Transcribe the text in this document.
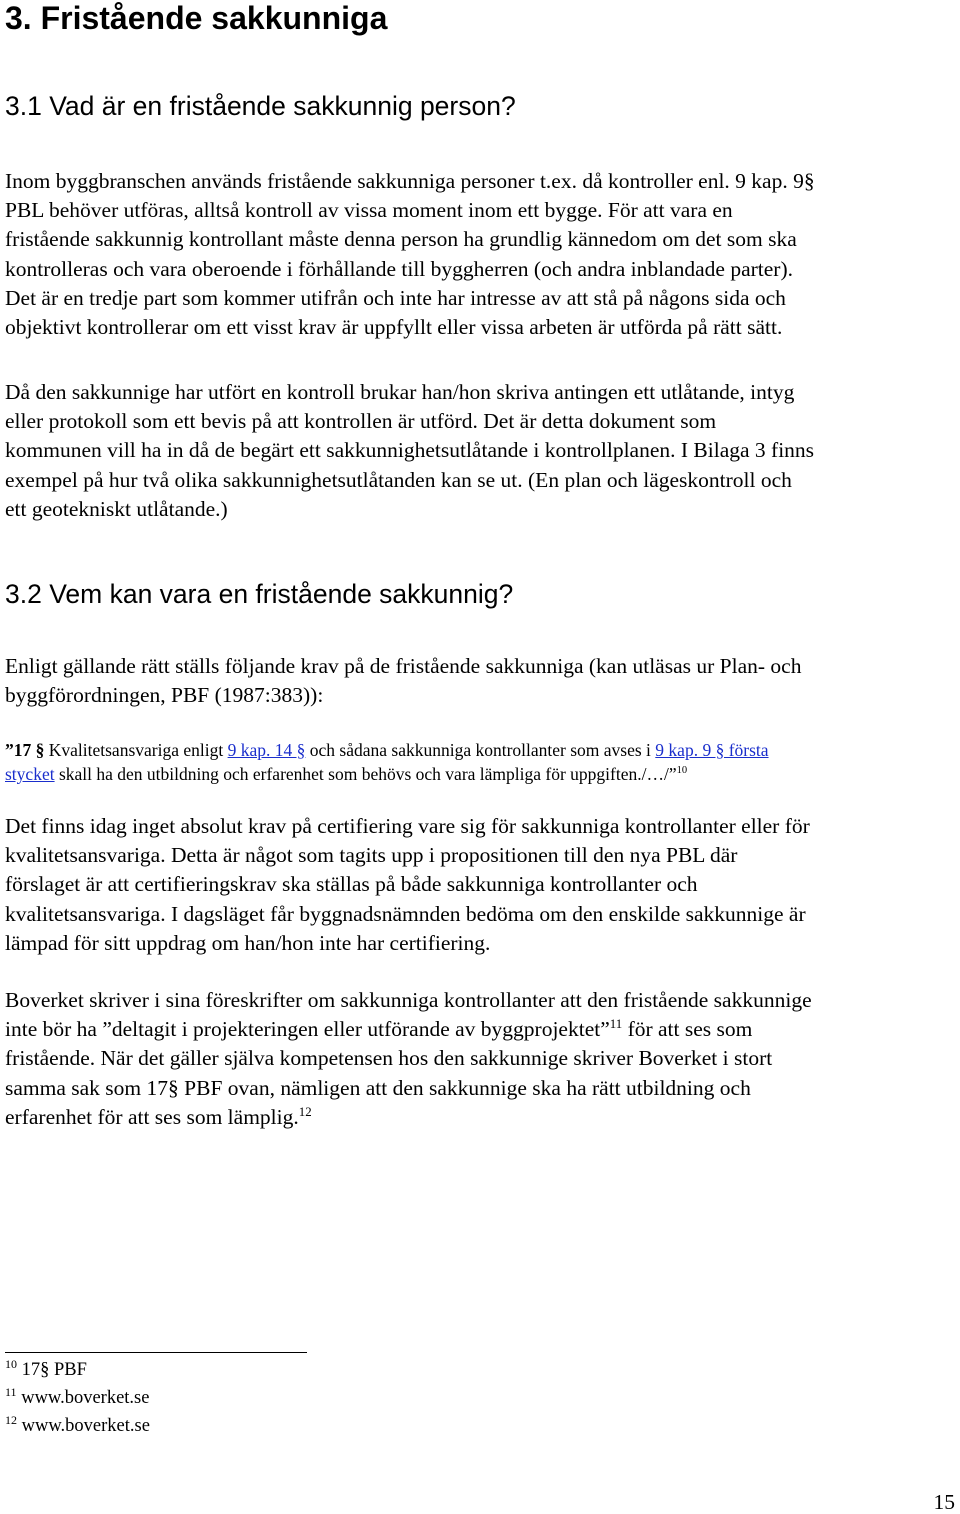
3. Fristående sakkunniga
3.1 Vad är en fristående sakkunnig person?
Inom byggbranschen används fristående sakkunniga personer t.ex. då kontroller enl. 9 kap. 9§
PBL behöver utföras, alltså kontroll av vissa moment inom ett bygge. För att vara en
fristående sakkunnig kontrollant måste denna person ha grundlig kännedom om det som ska
kontrolleras och vara oberoende i förhållande till byggherren (och andra inblandade parter).
Det är en tredje part som kommer utifrån och inte har intresse av att stå på någons sida och
objektivt kontrollerar om ett visst krav är uppfyllt eller vissa arbeten är utförda på rätt sätt.
Då den sakkunnige har utfört en kontroll brukar han/hon skriva antingen ett utlåtande, intyg
eller protokoll som ett bevis på att kontrollen är utförd. Det är detta dokument som
kommunen vill ha in då de begärt ett sakkunnighetsutlåtande i kontrollplanen. I Bilaga 3 finns
exempel på hur två olika sakkunnighetsutlåtanden kan se ut. (En plan och lägeskontroll och
ett geotekniskt utlåtande.)
3.2 Vem kan vara en fristående sakkunnig?
Enligt gällande rätt ställs följande krav på de fristående sakkunniga (kan utläsas ur Plan- och
byggförordningen, PBF (1987:383)):
”17 § Kvalitetsansvariga enligt 9 kap. 14 § och sådana sakkunniga kontrollanter som avses i 9 kap. 9 § första
stycket skall ha den utbildning och erfarenhet som behövs och vara lämpliga för uppgiften./…/”$^{10}$
Det finns idag inget absolut krav på certifiering vare sig för sakkunniga kontrollanter eller för
kvalitetsansvariga. Detta är något som tagits upp i propositionen till den nya PBL där
förslaget är att certifieringskrav ska ställas på både sakkunniga kontrollanter och
kvalitetsansvariga. I dagsläget får byggnadsnämnden bedöma om den enskilde sakkunnige är
lämpad för sitt uppdrag om han/hon inte har certifiering.
Boverket skriver i sina föreskrifter om sakkunniga kontrollanter att den fristående sakkunnige
inte bör ha ”deltagit i projekteringen eller utförande av byggprojektet”$^{11}$ för att ses som
fristående. När det gäller själva kompetensen hos den sakkunnige skriver Boverket i stort
samma sak som 17§ PBF ovan, nämligen att den sakkunnige ska ha rätt utbildning och
erfarenhet för att ses som lämplig.$^{12}$
$^{10}$ 17§ PBF
$^{11}$ www.boverket.se
$^{12}$ www.boverket.se
15
